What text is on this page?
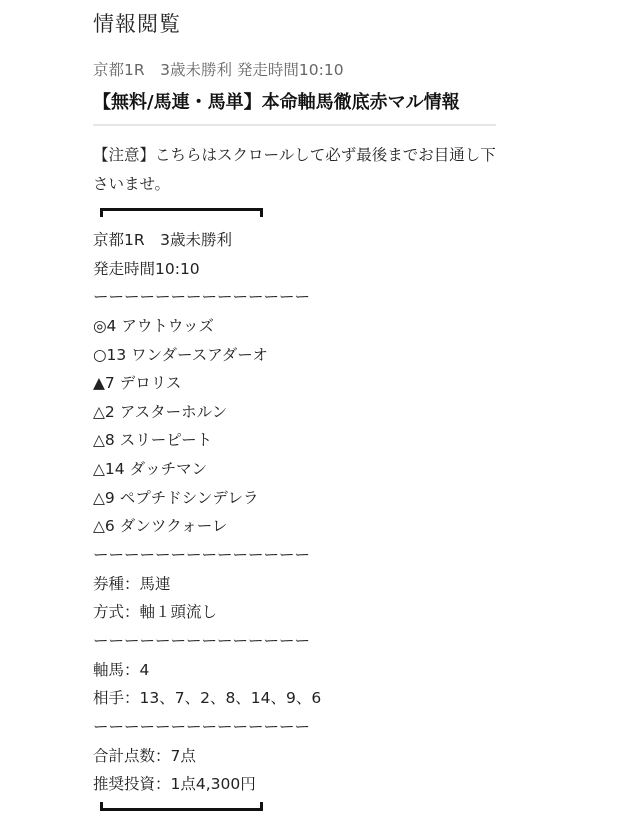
情報閲覧
京都1R　3歳未勝利 発走時間10:10
【無料/馬連・馬単】本命軸馬徹底赤マル情報
【注意】こちらはスクロールして必ず最後までお目通し下さいませ。
京都1R　3歳未勝利
発走時間10:10
ーーーーーーーーーーーーーー
◎4 アウトウッズ
○13 ワンダースアダーオ
▲7 デロリス
△2 アスターホルン
△8 スリーピート
△14 ダッチマン
△9 ペプチドシンデレラ
△6 ダンツクォーレ
ーーーーーーーーーーーーーー
券種：馬連
方式：軸１頭流し
ーーーーーーーーーーーーーー
軸馬：4
相手：13、7、2、8、14、9、6
ーーーーーーーーーーーーーー
合計点数：7点
推奨投資：1点4,300円
